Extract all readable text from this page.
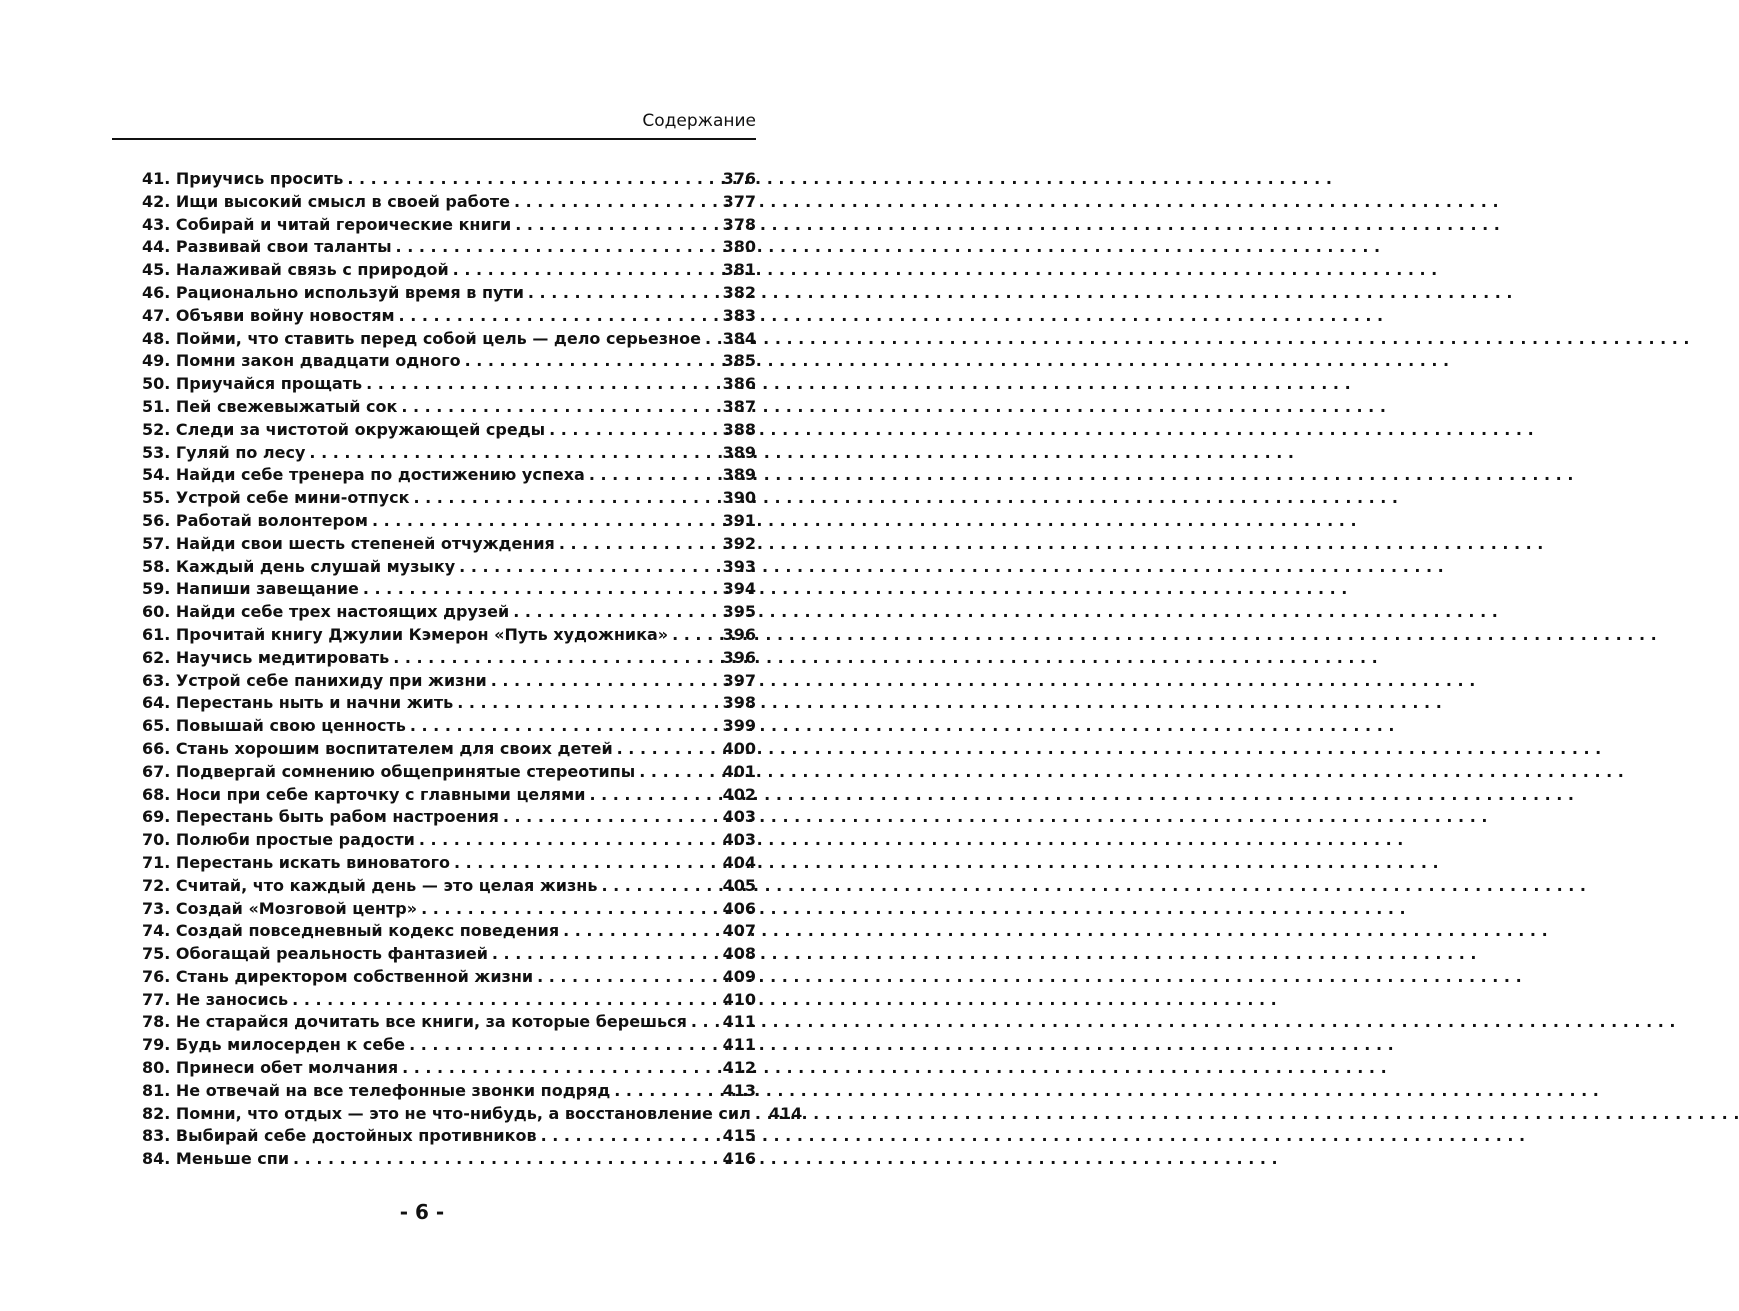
Содержание
41. Приучись просить . . .	376
42. Ищи высокий смысл в своей работе . . .	377
43. Собирай и читай героические книги . . .	378
44. Развивай свои таланты . . .	380
45. Налаживай связь с природой . . .	381
46. Рационально используй время в пути . . .	382
47. Объяви войну новостям . . .	383
48. Пойми, что ставить перед собой цель — дело серьезное . . .	384
49. Помни закон двадцати одного . . .	385
50. Приучайся прощать . . .	386
51. Пей свежевыжатый сок . . .	387
52. Следи за чистотой окружающей среды . . .	388
53. Гуляй по лесу . . .	389
54. Найди себе тренера по достижению успеха . . .	389
55. Устрой себе мини-отпуск . . .	390
56. Работай волонтером . . .	391
57. Найди свои шесть степеней отчуждения . . .	392
58. Каждый день слушай музыку . . .	393
59. Напиши завещание . . .	394
60. Найди себе трех настоящих друзей . . .	395
61. Прочитай книгу Джулии Кэмерон «Путь художника» . . .	396
62. Научись медитировать . . .	396
63. Устрой себе панихиду при жизни . . .	397
64. Перестань ныть и начни жить . . .	398
65. Повышай свою ценность . . .	399
66. Стань хорошим воспитателем для своих детей . . .	400
67. Подвергай сомнению общепринятые стереотипы . . .	401
68. Носи при себе карточку с главными целями . . .	402
69. Перестань быть рабом настроения . . .	403
70. Полюби простые радости . . .	403
71. Перестань искать виноватого . . .	404
72. Считай, что каждый день — это целая жизнь . . .	405
73. Создай «Мозговой центр» . . .	406
74. Создай повседневный кодекс поведения . . .	407
75. Обогащай реальность фантазией . . .	408
76. Стань директором собственной жизни . . .	409
77. Не заносись . . .	410
78. Не старайся дочитать все книги, за которые берешься . . .	411
79. Будь милосерден к себе . . .	411
80. Принеси обет молчания . . .	412
81. Не отвечай на все телефонные звонки подряд . . .	413
82. Помни, что отдых — это не что-нибудь, а восстановление сил . . .	414
83. Выбирай себе достойных противников . . .	415
84. Меньше спи . . .	416
- 6 -
